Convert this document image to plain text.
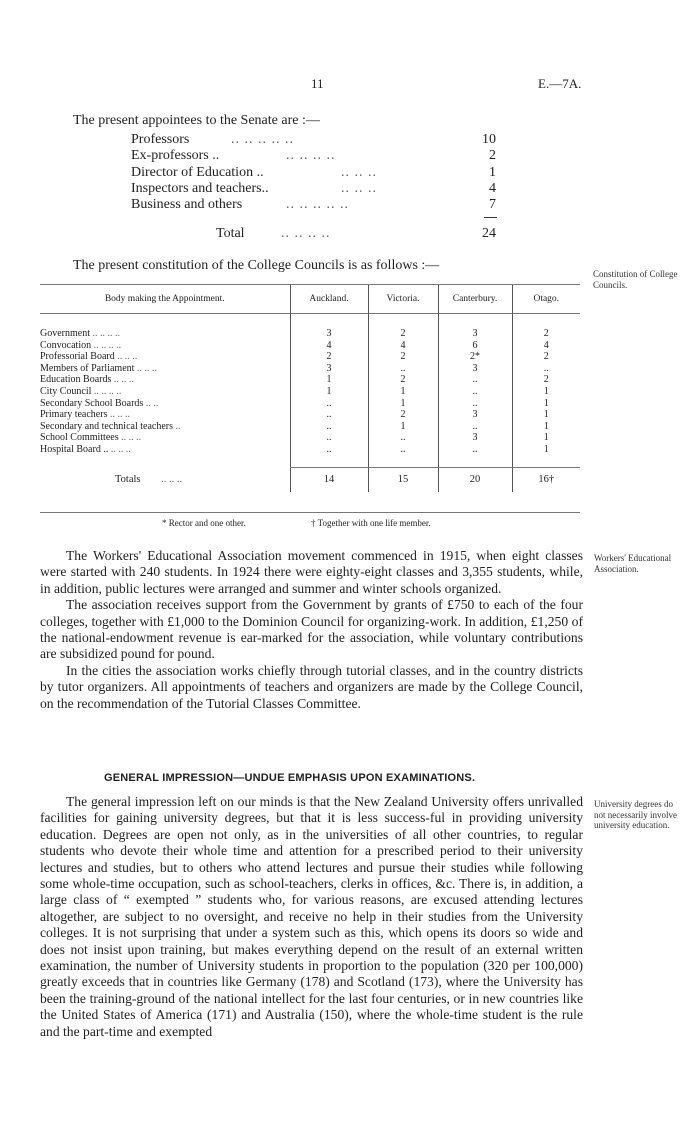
11	E.—7A.
The present appointees to the Senate are :—
Professors	.. .. .. .. ..	10
Ex-professors ..	.. .. .. ..	2
Director of Education ..	.. .. ..	1
Inspectors and teachers..	.. .. ..	4
Business and others	.. .. .. .. ..	7
Total	.. .. .. ..	24
The present constitution of the College Councils is as follows :—
Constitution of College Councils.
Body making the Appointment.	Auckland.	Victoria.	Canterbury.	Otago.

Government .. .. .. ..	3	2	3	2
Convocation .. .. .. ..	4	4	6	4
Professorial Board .. .. ..	2	2	2*	2
Members of Parliament .. .. ..	3	..	3	..
Education Boards .. .. ..	1	2	..	2
City Council .. .. .. ..	1	1	..	1
Secondary School Boards .. ..	..	1	..	1
Primary teachers .. .. ..	..	2	3	1
Secondary and technical teachers ..	..	1	..	1
School Committees .. .. ..	..	..	3	1
Hospital Board .. .. .. ..	..	..	..	1

Totals .. .. ..	14	15	20	16†
* Rector and one other.	† Together with one life member.
Workers' Educational Association.

The Workers' Educational Association movement commenced in 1915, when eight classes were started with 240 students. In 1924 there were eighty-eight classes and 3,355 students, while, in addition, public lectures were arranged and summer and winter schools organized.

The association receives support from the Government by grants of £750 to each of the four colleges, together with £1,000 to the Dominion Council for organizing-work. In addition, £1,250 of the national-endowment revenue is ear-marked for the association, while voluntary contributions are subsidized pound for pound.

In the cities the association works chiefly through tutorial classes, and in the country districts by tutor organizers. All appointments of teachers and organizers are made by the College Council, on the recommendation of the Tutorial Classes Committee.

GENERAL IMPRESSION—UNDUE EMPHASIS UPON EXAMINATIONS.
University degrees do not necessarily involve university education.

The general impression left on our minds is that the New Zealand University offers unrivalled facilities for gaining university degrees, but that it is less success-ful in providing university education. Degrees are open not only, as in the universities of all other countries, to regular students who devote their whole time and attention for a prescribed period to their university lectures and studies, but to others who attend lectures and pursue their studies while following some whole-time occupation, such as school-teachers, clerks in offices, &c. There is, in addition, a large class of “ exempted ” students who, for various reasons, are excused attending lectures altogether, are subject to no oversight, and receive no help in their studies from the University colleges. It is not surprising that under a system such as this, which opens its doors so wide and does not insist upon training, but makes everything depend on the result of an external written examination, the number of University students in proportion to the population (320 per 100,000) greatly exceeds that in countries like Germany (178) and Scotland (173), where the University has been the training-ground of the national intellect for the last four centuries, or in new countries like the United States of America (171) and Australia (150), where the whole-time student is the rule and the part-time and exempted
